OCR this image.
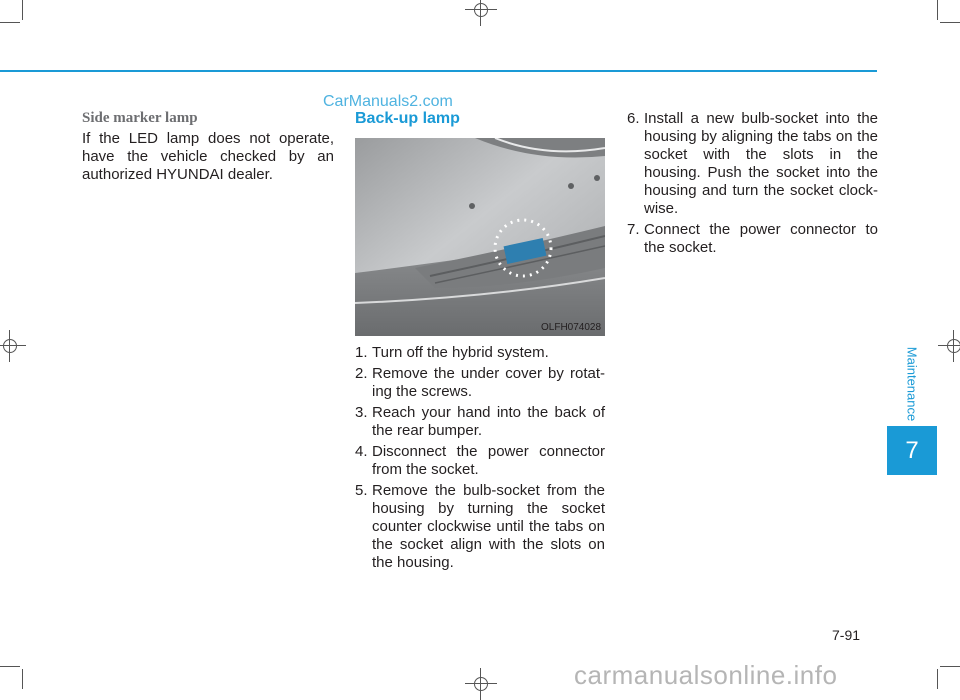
CarManuals2.com
Side marker lamp
If the LED lamp does not operate, have the vehicle checked by an authorized HYUNDAI dealer.
Back-up lamp
OLFH074028
1. Turn off the hybrid system.
2. Remove the under cover by rotat-ing the screws.
3. Reach your hand into the back of the rear bumper.
4. Disconnect the power connector from the socket.
5. Remove the bulb-socket from the housing by turning the socket counter clockwise until the tabs on the socket align with the slots on the housing.
6. Install a new bulb-socket into the housing by aligning the tabs on the socket with the slots in the housing. Push the socket into the housing and turn the socket clock-wise.
7. Connect the power connector to the socket.
Maintenance
7
7-91
carmanualsonline.info
